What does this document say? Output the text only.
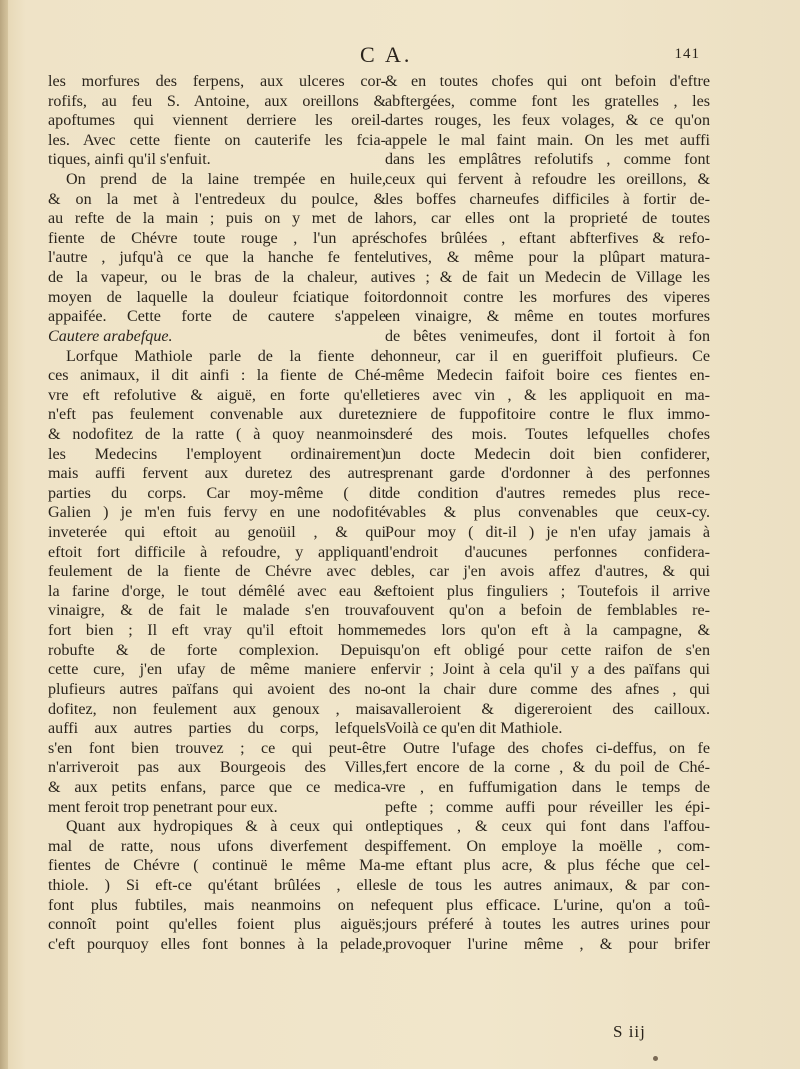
C A.	141
les morfures des ferpens, aux ulceres cor-
rofifs, au feu S. Antoine, aux oreillons &
apoftumes qui viennent derriere les oreil-
les. Avec cette fiente on cauterife les fcia-
tiques, ainfi qu'il s'enfuit.
On prend de la laine trempée en huile,
& on la met à l'entredeux du poulce, &
au refte de la main ; puis on y met de la
fiente de Chévre toute rouge , l'un aprés
l'autre , jufqu'à ce que la hanche fe fente
de la vapeur, ou le bras de la chaleur, au
moyen de laquelle la douleur fciatique foit
appaifée. Cette forte de cautere s'appele
Cautere arabefque.
Lorfque Mathiole parle de la fiente de
ces animaux, il dit ainfi : la fiente de Ché-
vre eft refolutive & aiguë, en forte qu'elle
n'eft pas feulement convenable aux duretez
& nodofitez de la ratte ( à quoy neanmoins
les Medecins l'employent ordinairement)
mais auffi fervent aux duretez des autres
parties du corps. Car moy-même ( dit
Galien ) je m'en fuis fervy en une nodofité
inveterée qui eftoit au genoüil , & qui
eftoit fort difficile à refoudre, y appliquant
feulement de la fiente de Chévre avec de
la farine d'orge, le tout démêlé avec eau &
vinaigre, & de fait le malade s'en trouva
fort bien ; Il eft vray qu'il eftoit homme
robufte & de forte complexion. Depuis
cette cure, j'en ufay de même maniere en
plufieurs autres païfans qui avoient des no-
dofitez, non feulement aux genoux , mais
auffi aux autres parties du corps, lefquels
s'en font bien trouvez ; ce qui peut-être
n'arriveroit pas aux Bourgeois des Villes,
& aux petits enfans, parce que ce medica-
ment feroit trop penetrant pour eux.
Quant aux hydropiques & à ceux qui ont
mal de ratte, nous ufons diverfement des
fientes de Chévre ( continuë le même Ma-
thiole. ) Si eft-ce qu'étant brûlées , elles
font plus fubtiles, mais neanmoins on ne
connoît point qu'elles foient plus aiguës;
c'eft pourquoy elles font bonnes à la pelade,
& en toutes chofes qui ont befoin d'eftre
abftergées, comme font les gratelles , les
dartes rouges, les feux volages, & ce qu'on
appele le mal faint main. On les met auffi
dans les emplâtres refolutifs , comme font
ceux qui fervent à refoudre les oreillons, &
les boffes charneufes difficiles à fortir de-
hors, car elles ont la proprieté de toutes
chofes brûlées , eftant abfterfives & refo-
lutives, & même pour la plûpart matura-
tives ; & de fait un Medecin de Village les
ordonnoit contre les morfures des viperes
en vinaigre, & même en toutes morfures
de bêtes venimeufes, dont il fortoit à fon
honneur, car il en gueriffoit plufieurs. Ce
même Medecin faifoit boire ces fientes en-
tieres avec vin , & les appliquoit en ma-
niere de fuppofitoire contre le flux immo-
deré des mois. Toutes lefquelles chofes
un docte Medecin doit bien confiderer,
prenant garde d'ordonner à des perfonnes
de condition d'autres remedes plus rece-
vables & plus convenables que ceux-cy.
Pour moy ( dit-il ) je n'en ufay jamais à
l'endroit d'aucunes perfonnes confidera-
bles, car j'en avois affez d'autres, & qui
eftoient plus finguliers ; Toutefois il arrive
fouvent qu'on a befoin de femblables re-
medes lors qu'on eft à la campagne, &
qu'on eft obligé pour cette raifon de s'en
fervir ; Joint à cela qu'il y a des païfans qui
ont la chair dure comme des afnes , qui
avalleroient & digereroient des cailloux.
Voilà ce qu'en dit Mathiole.
Outre l'ufage des chofes ci-deffus, on fe
fert encore de la corne , & du poil de Ché-
vre , en fuffumigation dans le temps de
pefte ; comme auffi pour réveiller les épi-
leptiques , & ceux qui font dans l'affou-
piffement. On employe la moëlle , com-
me eftant plus acre, & plus féche que cel-
le de tous les autres animaux, & par con-
fequent plus efficace. L'urine, qu'on a toû-
jours préferé à toutes les autres urines pour
provoquer l'urine même , & pour brifer
S iij
